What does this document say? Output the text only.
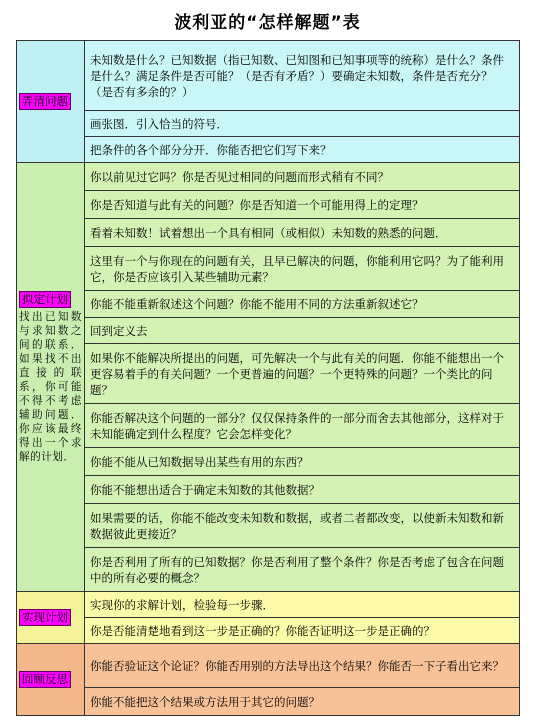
波利亚的“怎样解题”表
弄清问题	未知数是什么？已知数据（指已知数、已知图和已知事项等的统称）是什么？条件是什么？满足条件是否可能？（是否有矛盾？）要确定未知数，条件是否充分？（是否有多余的？）
	画张图．引入恰当的符号．
	把条件的各个部分分开．你能否把它们写下来？
拟定计划
找出已知数与求知数之间的联系．如果找不出直接的联系，你可能不得不考虑辅助问题．你应该最终得出一个求解的计划．	你以前见过它吗？你是否见过相同的问题而形式稍有不同？
	你是否知道与此有关的问题？你是否知道一个可能用得上的定理？
	看着未知数！试着想出一个具有相同（或相似）未知数的熟悉的问题．
	这里有一个与你现在的问题有关，且早已解决的问题，你能利用它吗？为了能利用它，你是否应该引入某些辅助元素？
	你能不能重新叙述这个问题？你能不能用不同的方法重新叙述它？
	回到定义去
	如果你不能解决所提出的问题，可先解决一个与此有关的问题．你能不能想出一个更容易着手的有关问题？一个更普遍的问题？一个更特殊的问题？一个类比的问题？
	你能否解决这个问题的一部分？仅仅保持条件的一部分而舍去其他部分，这样对于未知能确定到什么程度？它会怎样变化？
	你能不能从已知数据导出某些有用的东西？
	你能不能想出适合于确定未知数的其他数据？
	如果需要的话，你能不能改变未知数和数据，或者二者都改变，以使新未知数和新数据彼此更接近？
	你是否利用了所有的已知数据？你是否利用了整个条件？你是否考虑了包含在问题中的所有必要的概念？
实现计划	实现你的求解计划，检验每一步骤．
	你是否能清楚地看到这一步是正确的？你能否证明这一步是正确的？
回顾反思	你能否验证这个论证？你能否用别的方法导出这个结果？你能否一下子看出它来？
	你能不能把这个结果或方法用于其它的问题？
